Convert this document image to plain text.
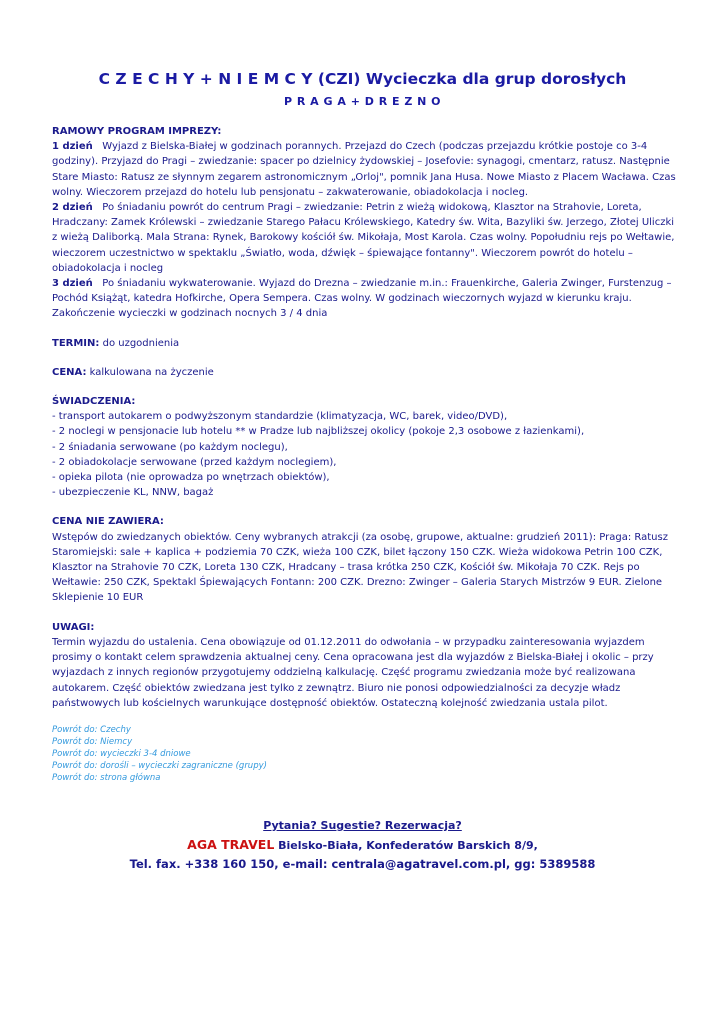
C Z E C H Y + N I E M C Y (CZI) Wycieczka dla grup dorosłych
P R A G A + D R E Z N O

RAMOWY PROGRAM IMPREZY:

1 dzień Wyjazd z Bielska-Białej w godzinach porannych. Przejazd do Czech (podczas przejazdu krótkie postoje co 3-4 godziny). Przyjazd do Pragi – zwiedzanie: spacer po dzielnicy żydowskiej – Josefovie: synagogi, cmentarz, ratusz. Następnie Stare Miasto: Ratusz ze słynnym zegarem astronomicznym „Orloj", pomnik Jana Husa. Nowe Miasto z Placem Wacława. Czas wolny. Wieczorem przejazd do hotelu lub pensjonatu – zakwaterowanie, obiadokolacja i nocleg.

2 dzień Po śniadaniu powrót do centrum Pragi – zwiedzanie: Petrin z wieżą widokową, Klasztor na Strahovie, Loreta, Hradczany: Zamek Królewski – zwiedzanie Starego Pałacu Królewskiego, Katedry św. Wita, Bazyliki św. Jerzego, Złotej Uliczki z wieżą Daliborką. Mala Strana: Rynek, Barokowy kościół św. Mikołaja, Most Karola. Czas wolny. Popołudniu rejs po Wełtawie, wieczorem uczestnictwo w spektaklu „Światło, woda, dźwięk – śpiewające fontanny". Wieczorem powrót do hotelu – obiadokolacja i nocleg

3 dzień Po śniadaniu wykwaterowanie. Wyjazd do Drezna – zwiedzanie m.in.: Frauenkirche, Galeria Zwinger, Furstenzug – Pochód Książąt, katedra Hofkirche, Opera Sempera. Czas wolny. W godzinach wieczornych wyjazd w kierunku kraju. Zakończenie wycieczki w godzinach nocnych 3 / 4 dnia

TERMIN: do uzgodnienia

CENA: kalkulowana na życzenie

ŚWIADCZENIA:

- transport autokarem o podwyższonym standardzie (klimatyzacja, WC, barek, video/DVD),
- 2 noclegi w pensjonacie lub hotelu ** w Pradze lub najbliższej okolicy (pokoje 2,3 osobowe z łazienkami),
- 2 śniadania serwowane (po każdym noclegu),
- 2 obiadokolacje serwowane (przed każdym noclegiem),
- opieka pilota (nie oprowadza po wnętrzach obiektów),
- ubezpieczenie KL, NNW, bagaż

CENA NIE ZAWIERA:

Wstępów do zwiedzanych obiektów. Ceny wybranych atrakcji (za osobę, grupowe, aktualne: grudzień 2011): Praga: Ratusz Staromiejski: sale + kaplica + podziemia 70 CZK, wieża 100 CZK, bilet łączony 150 CZK. Wieża widokowa Petrin 100 CZK, Klasztor na Strahovie 70 CZK, Loreta 130 CZK, Hradcany – trasa krótka 250 CZK, Kościół św. Mikołaja 70 CZK. Rejs po Wełtawie: 250 CZK, Spektakl Śpiewających Fontann: 200 CZK. Drezno: Zwinger – Galeria Starych Mistrzów 9 EUR. Zielone Sklepienie 10 EUR

UWAGI:

Termin wyjazdu do ustalenia. Cena obowiązuje od 01.12.2011 do odwołania – w przypadku zainteresowania wyjazdem prosimy o kontakt celem sprawdzenia aktualnej ceny. Cena opracowana jest dla wyjazdów z Bielska-Białej i okolic – przy wyjazdach z innych regionów przygotujemy oddzielną kalkulację. Część programu zwiedzania może być realizowana autokarem. Część obiektów zwiedzana jest tylko z zewnątrz. Biuro nie ponosi odpowiedzialności za decyzje władz państwowych lub kościelnych warunkujące dostępność obiektów. Ostateczną kolejność zwiedzania ustala pilot.

Powrót do: Czechy
Powrót do: Niemcy
Powrót do: wycieczki 3-4 dniowe
Powrót do: dorośli – wycieczki zagraniczne (grupy)
Powrót do: strona główna
Pytania? Sugestie? Rezerwacja?
AGA TRAVEL Bielsko-Biała, Konfederatów Barskich 8/9,
Tel. fax. +338 160 150, e-mail: centrala@agatravel.com.pl, gg: 5389588
